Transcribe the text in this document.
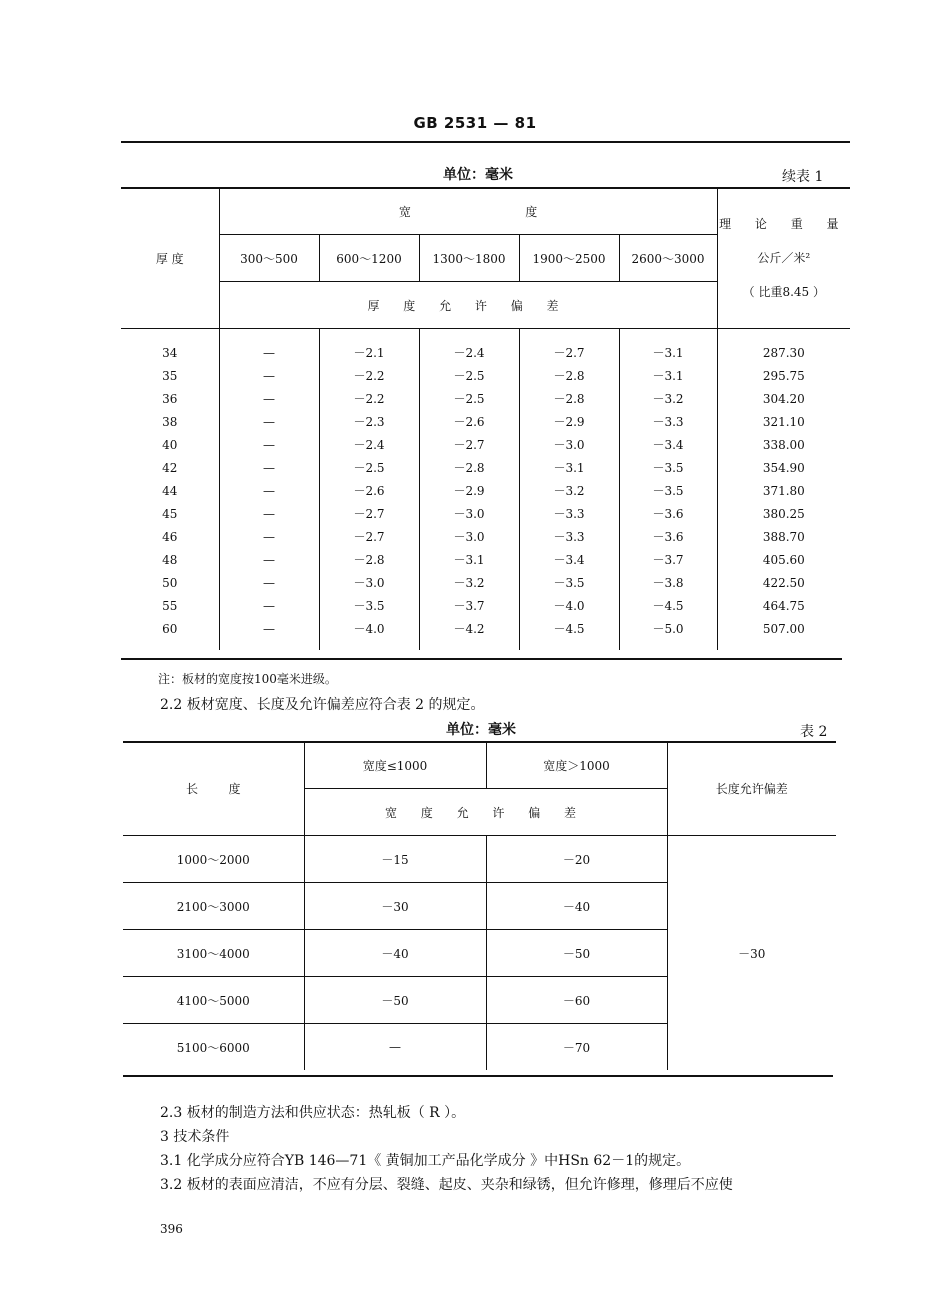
GB 2531 — 81
单位：毫米	续表 1
厚 度	宽                              度					理 论 重 量
公斤／米²
（ 比重8.45 ）

	300～500	600～1200	1300～1800	1900～2500	2600～3000	
	厚 度 允 许 偏 差					
34	—	－2.1	－2.4	－2.7	－3.1	287.30
35	—	－2.2	－2.5	－2.8	－3.1	295.75
36	—	－2.2	－2.5	－2.8	－3.2	304.20
38	—	－2.3	－2.6	－2.9	－3.3	321.10
40	—	－2.4	－2.7	－3.0	－3.4	338.00
42	—	－2.5	－2.8	－3.1	－3.5	354.90
44	—	－2.6	－2.9	－3.2	－3.5	371.80
45	—	－2.7	－3.0	－3.3	－3.6	380.25
46	—	－2.7	－3.0	－3.3	－3.6	388.70
48	—	－2.8	－3.1	－3.4	－3.7	405.60
50	—	－3.0	－3.2	－3.5	－3.8	422.50
55	—	－3.5	－3.7	－4.0	－4.5	464.75
60	—	－4.0	－4.2	－4.5	－5.0	507.00
注：板材的宽度按100毫米进级。
2.2 板材宽度、长度及允许偏差应符合表 2 的规定。
单位：毫米	表 2
长        度	宽度≤1000	宽度＞1000	长度允许偏差
	宽 度 允 许 偏 差		
1000～2000	－15	－20	－30
2100～3000	－30	－40	
3100～4000	－40	－50	
4100～5000	－50	－60	
5100～6000	—	－70	
2.3 板材的制造方法和供应状态：热轧板（ R ）。
3 技术条件
3.1 化学成分应符合YB 146—71《 黄铜加工产品化学成分 》中HSn 62－1的规定。
3.2 板材的表面应清洁，不应有分层、裂缝、起皮、夹杂和绿锈，但允许修理，修理后不应使
396
